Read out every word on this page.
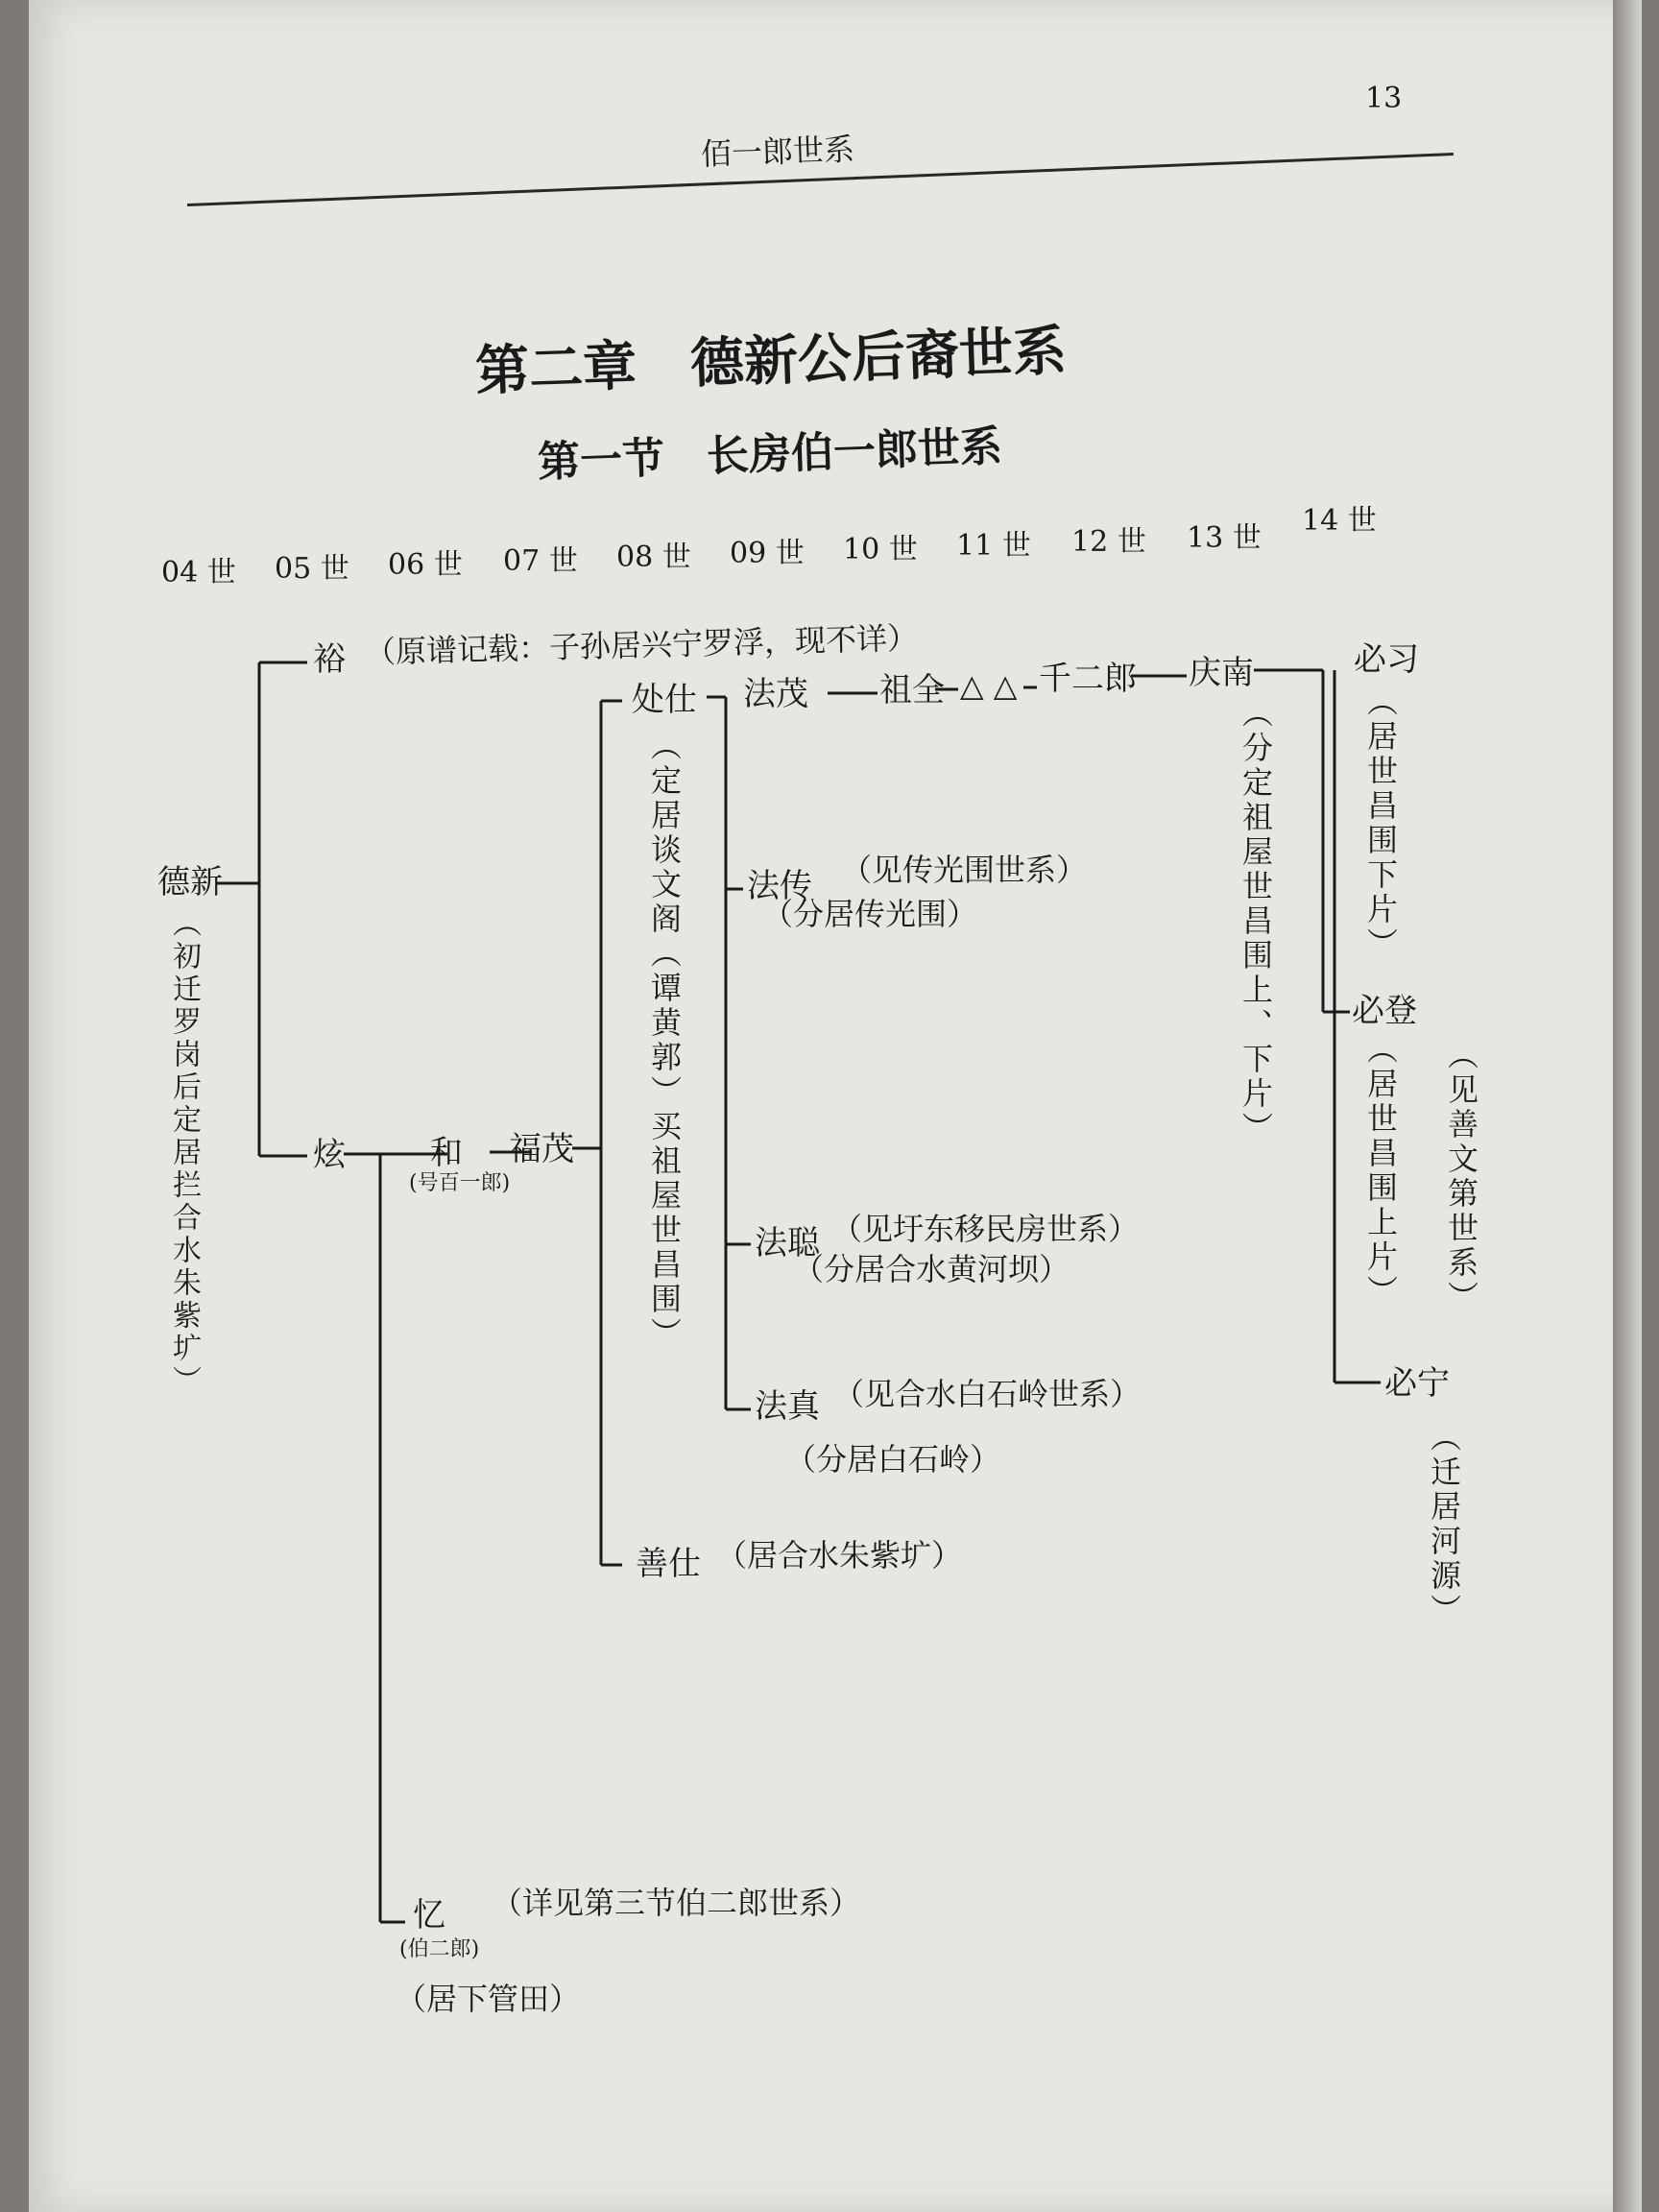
13
佰一郎世系
第二章　德新公后裔世系
第一节　长房伯一郎世系
04 世 05 世 06 世 07 世 08 世 09 世 10 世 11 世 12 世 13 世
14 世
德新
（初迁罗岗后定居拦合水朱紫圹）
裕 （原谱记载：子孙居兴宁罗浮，现不详）
炫	和
(号百一郎)
福茂
处仕
（定居谈文阁（谭黄郭）买祖屋世昌围）
法茂 祖全 △ △ 千二郎 庆南
（分定祖屋世昌围上、下片）
必习
（居世昌围下片）
必登
（居世昌围上片） （见善文第世系）
必宁
（迁居河源）
法传 （见传光围世系）
（分居传光围）
法聪 （见圩东移民房世系）
（分居合水黄河坝）
法真 （见合水白石岭世系）
（分居白石岭）
善仕 （居合水朱紫圹）
忆 （详见第三节伯二郎世系）
(伯二郎)
（居下管田）
